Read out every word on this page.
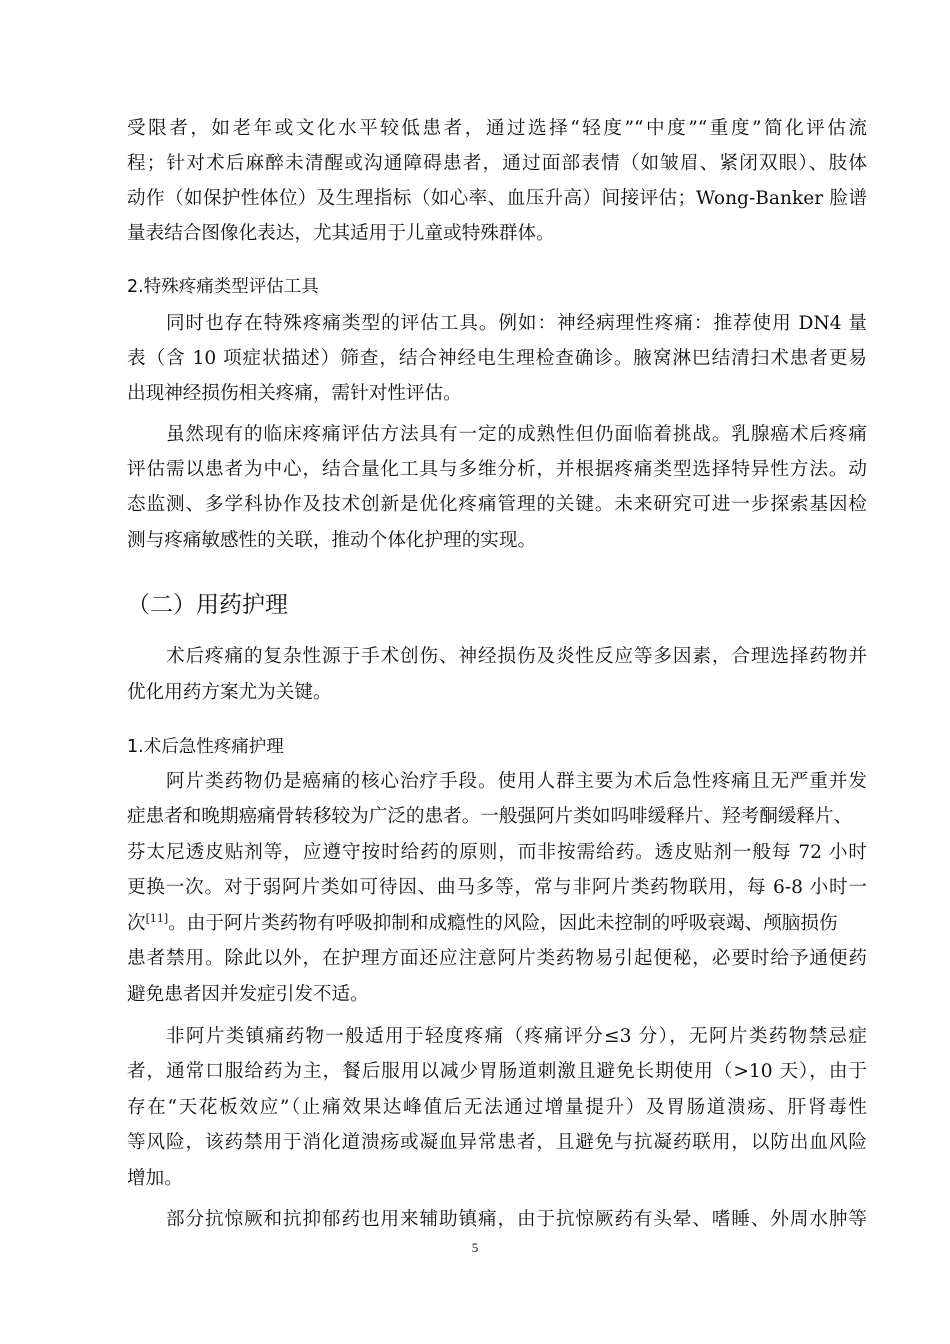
受限者，如老年或文化水平较低患者，通过选择“轻度”“中度”“重度”简化评估流
程；针对术后麻醉未清醒或沟通障碍患者，通过面部表情（如皱眉、紧闭双眼）、肢体
动作（如保护性体位）及生理指标（如心率、血压升高）间接评估；Wong-Banker 脸谱
量表结合图像化表达，尤其适用于儿童或特殊群体。
2.特殊疼痛类型评估工具
同时也存在特殊疼痛类型的评估工具。例如：神经病理性疼痛：推荐使用 DN4 量
表（含 10 项症状描述）筛查，结合神经电生理检查确诊。腋窝淋巴结清扫术患者更易
出现神经损伤相关疼痛，需针对性评估。
虽然现有的临床疼痛评估方法具有一定的成熟性但仍面临着挑战。乳腺癌术后疼痛
评估需以患者为中心，结合量化工具与多维分析，并根据疼痛类型选择特异性方法。动
态监测、多学科协作及技术创新是优化疼痛管理的关键。未来研究可进一步探索基因检
测与疼痛敏感性的关联，推动个体化护理的实现。
（二）用药护理
术后疼痛的复杂性源于手术创伤、神经损伤及炎性反应等多因素，合理选择药物并
优化用药方案尤为关键。
1.术后急性疼痛护理
阿片类药物仍是癌痛的核心治疗手段。使用人群主要为术后急性疼痛且无严重并发
症患者和晚期癌痛骨转移较为广泛的患者。一般强阿片类如吗啡缓释片、羟考酮缓释片、
芬太尼透皮贴剂等，应遵守按时给药的原则，而非按需给药。透皮贴剂一般每 72 小时
更换一次。对于弱阿片类如可待因、曲马多等，常与非阿片类药物联用，每 6-8 小时一
次[11]。由于阿片类药物有呼吸抑制和成瘾性的风险，因此未控制的呼吸衰竭、颅脑损伤
患者禁用。除此以外，在护理方面还应注意阿片类药物易引起便秘，必要时给予通便药
避免患者因并发症引发不适。
非阿片类镇痛药物一般适用于轻度疼痛（疼痛评分≤3 分），无阿片类药物禁忌症
者，通常口服给药为主，餐后服用以减少胃肠道刺激且避免长期使用（>10 天），由于
存在“天花板效应”（止痛效果达峰值后无法通过增量提升）及胃肠道溃疡、肝肾毒性
等风险，该药禁用于消化道溃疡或凝血异常患者，且避免与抗凝药联用，以防出血风险
增加。
部分抗惊厥和抗抑郁药也用来辅助镇痛，由于抗惊厥药有头晕、嗜睡、外周水肿等
5
